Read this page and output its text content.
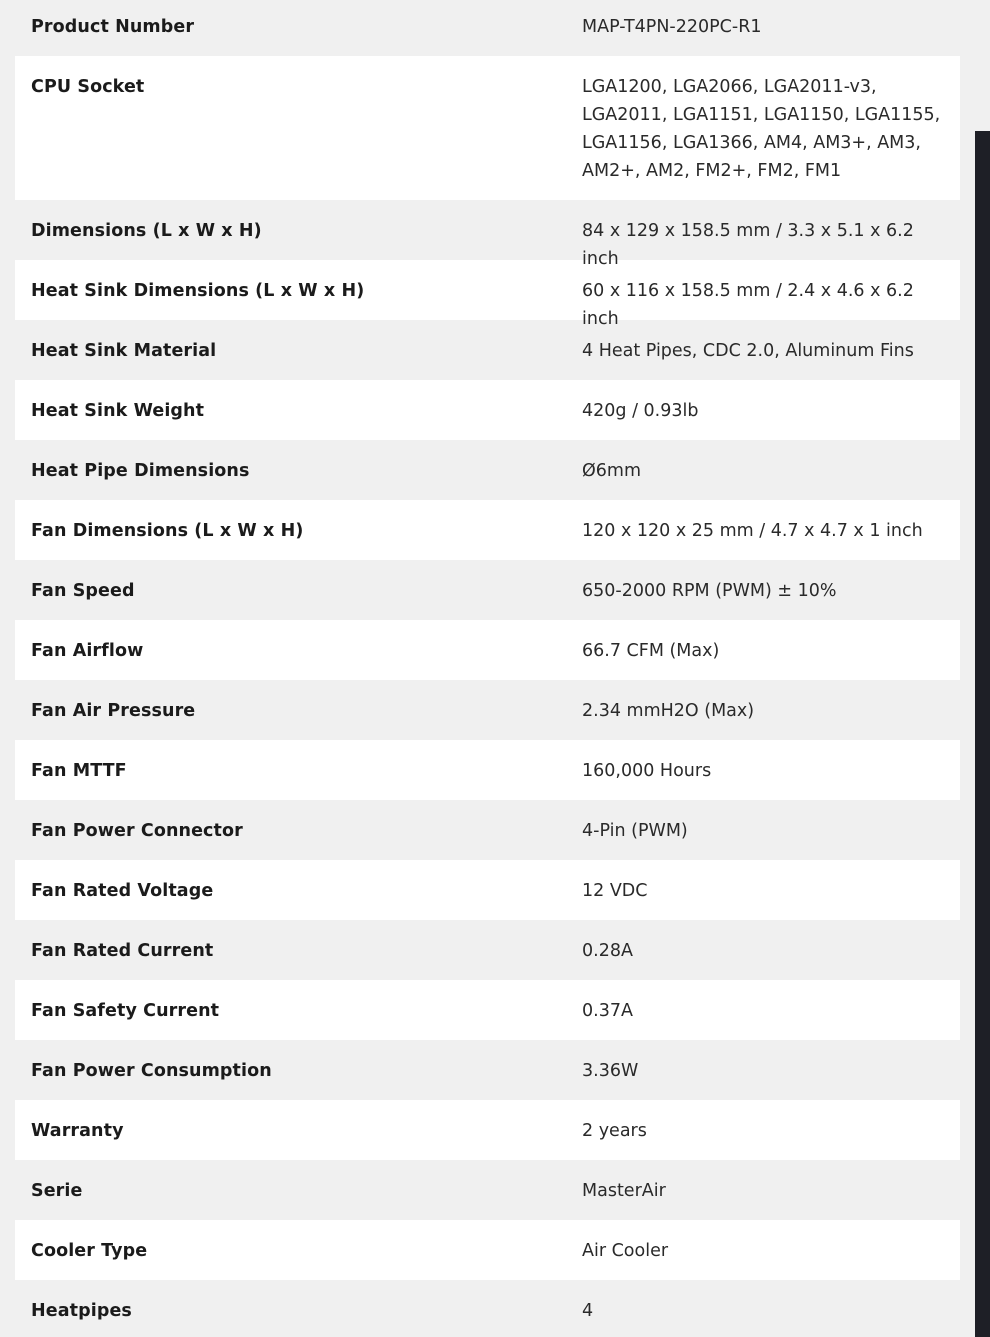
Product Number	MAP-T4PN-220PC-R1
CPU Socket	LGA1200, LGA2066, LGA2011-v3,
LGA2011, LGA1151, LGA1150, LGA1155,
LGA1156, LGA1366, AM4, AM3+, AM3,
AM2+, AM2, FM2+, FM2, FM1
Dimensions (L x W x H)	84 x 129 x 158.5 mm / 3.3 x 5.1 x 6.2 inch
Heat Sink Dimensions (L x W x H)	60 x 116 x 158.5 mm / 2.4 x 4.6 x 6.2 inch
Heat Sink Material	4 Heat Pipes, CDC 2.0, Aluminum Fins
Heat Sink Weight	420g / 0.93lb
Heat Pipe Dimensions	Ø6mm
Fan Dimensions (L x W x H)	120 x 120 x 25 mm / 4.7 x 4.7 x 1 inch
Fan Speed	650-2000 RPM (PWM) ± 10%
Fan Airflow	66.7 CFM (Max)
Fan Air Pressure	2.34 mmH2O (Max)
Fan MTTF	160,000 Hours
Fan Power Connector	4-Pin (PWM)
Fan Rated Voltage	12 VDC
Fan Rated Current	0.28A
Fan Safety Current	0.37A
Fan Power Consumption	3.36W
Warranty	2 years
Serie	MasterAir
Cooler Type	Air Cooler
Heatpipes	4
